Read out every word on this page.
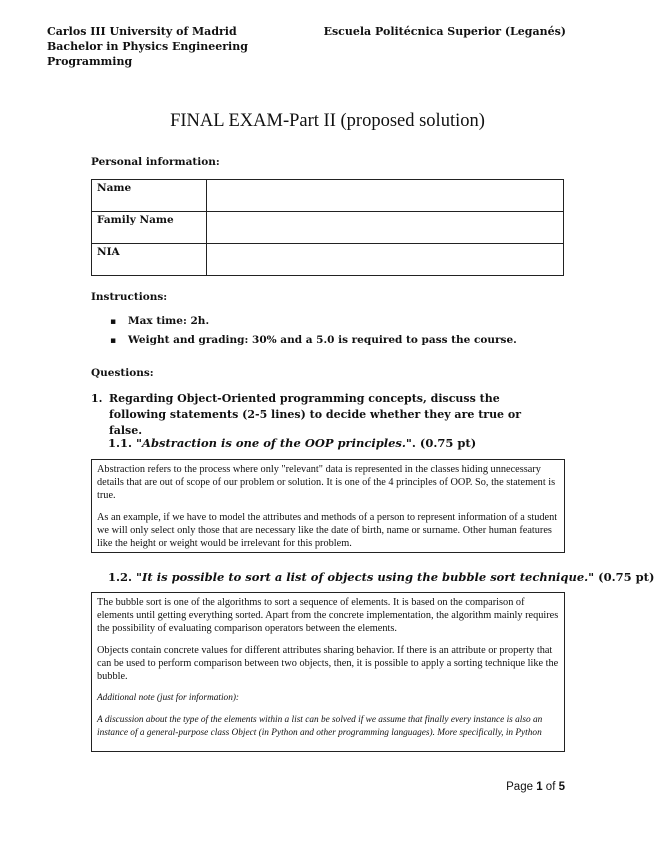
Carlos III University of Madrid
Bachelor in Physics Engineering
Programming
Escuela Politécnica Superior (Leganés)
FINAL EXAM-Part II (proposed solution)
Personal information:
Name	
Family Name	
NIA	
Instructions:
▪ Max time: 2h.
▪ Weight and grading: 30% and a 5.0 is required to pass the course.
Questions:
1. Regarding Object-Oriented programming concepts, discuss the following statements (2-5 lines) to decide whether they are true or false.
1.1. "Abstraction is one of the OOP principles.". (0.75 pt)

Abstraction refers to the process where only "relevant" data is represented in the classes hiding unnecessary details that are out of scope of our problem or solution. It is one of the 4 principles of OOP. So, the statement is true.

As an example, if we have to model the attributes and methods of a person to represent information of a student we will only select only those that are necessary like the date of birth, name or surname. Other human features like the height or weight would be irrelevant for this problem.

1.2. "It is possible to sort a list of objects using the bubble sort technique." (0.75 pt)

The bubble sort is one of the algorithms to sort a sequence of elements. It is based on the comparison of elements until getting everything sorted. Apart from the concrete implementation, the algorithm mainly requires the possibility of evaluating comparison operators between the elements.

Objects contain concrete values for different attributes sharing behavior. If there is an attribute or property that can be used to perform comparison between two objects, then, it is possible to apply a sorting technique like the bubble.

Additional note (just for information):

A discussion about the type of the elements within a list can be solved if we assume that finally every instance is also an instance of a general-purpose class Object (in Python and other programming languages). More specifically, in Python

Page 1 of 5
